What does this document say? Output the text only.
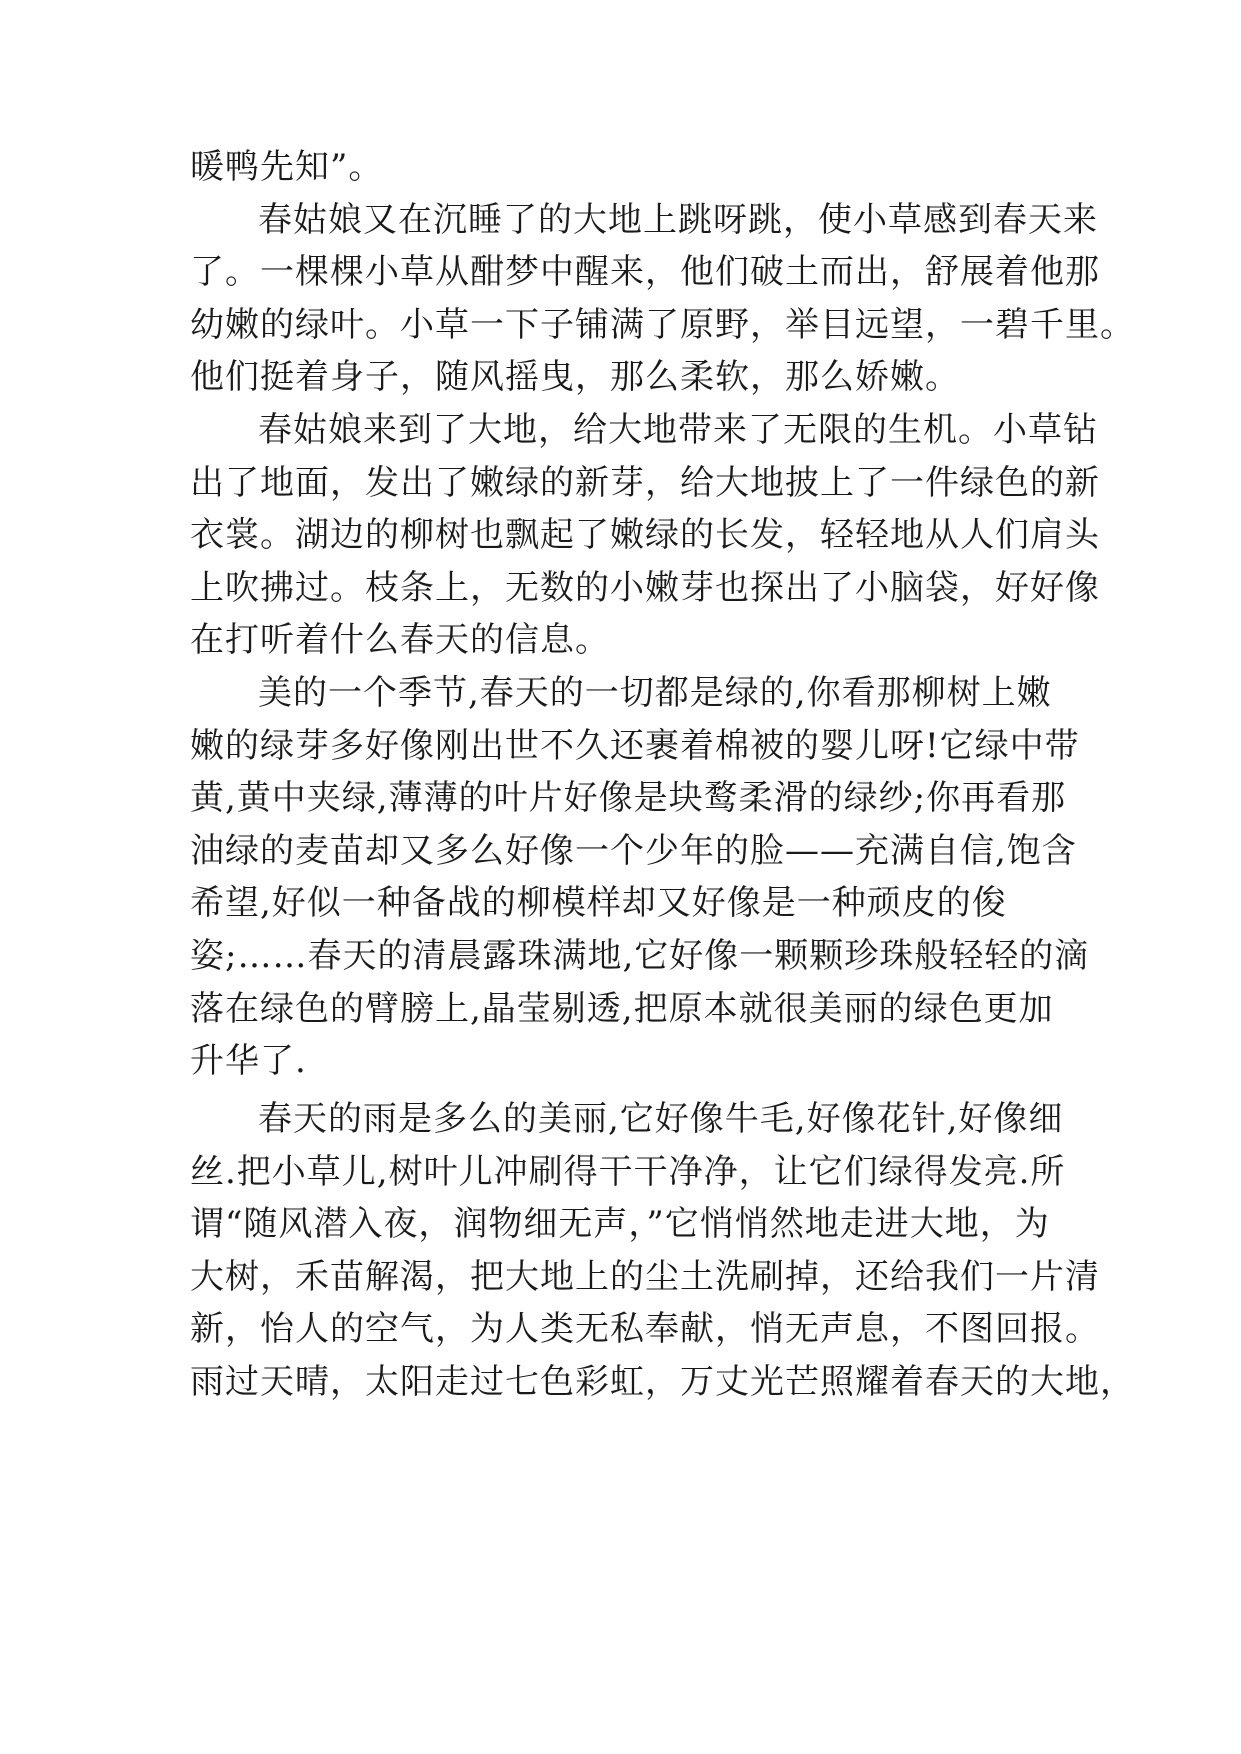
暖鸭先知”。
春姑娘又在沉睡了的大地上跳呀跳，使小草感到春天来
了。一棵棵小草从酣梦中醒来，他们破土而出，舒展着他那
幼嫩的绿叶。小草一下子铺满了原野，举目远望，一碧千里。
他们挺着身子，随风摇曳，那么柔软，那么娇嫩。
春姑娘来到了大地，给大地带来了无限的生机。小草钻
出了地面，发出了嫩绿的新芽，给大地披上了一件绿色的新
衣裳。湖边的柳树也飘起了嫩绿的长发，轻轻地从人们肩头
上吹拂过。枝条上，无数的小嫩芽也探出了小脑袋，好好像
在打听着什么春天的信息。
美的一个季节,春天的一切都是绿的,你看那柳树上嫩
嫩的绿芽多好像刚出世不久还裹着棉被的婴儿呀!它绿中带
黄,黄中夹绿,薄薄的叶片好像是块鹜柔滑的绿纱;你再看那
油绿的麦苗却又多么好像一个少年的脸——充满自信,饱含
希望,好似一种备战的柳模样却又好像是一种顽皮的俊
姿;……春天的清晨露珠满地,它好像一颗颗珍珠般轻轻的滴
落在绿色的臂膀上,晶莹剔透,把原本就很美丽的绿色更加
升华了.
春天的雨是多么的美丽,它好像牛毛,好像花针,好像细
丝.把小草儿,树叶儿冲刷得干干净净，让它们绿得发亮.所
谓“随风潜入夜，润物细无声，”它悄悄然地走进大地，为
大树，禾苗解渴，把大地上的尘土洗刷掉，还给我们一片清
新，怡人的空气，为人类无私奉献，悄无声息，不图回报。
雨过天晴，太阳走过七色彩虹，万丈光芒照耀着春天的大地，
